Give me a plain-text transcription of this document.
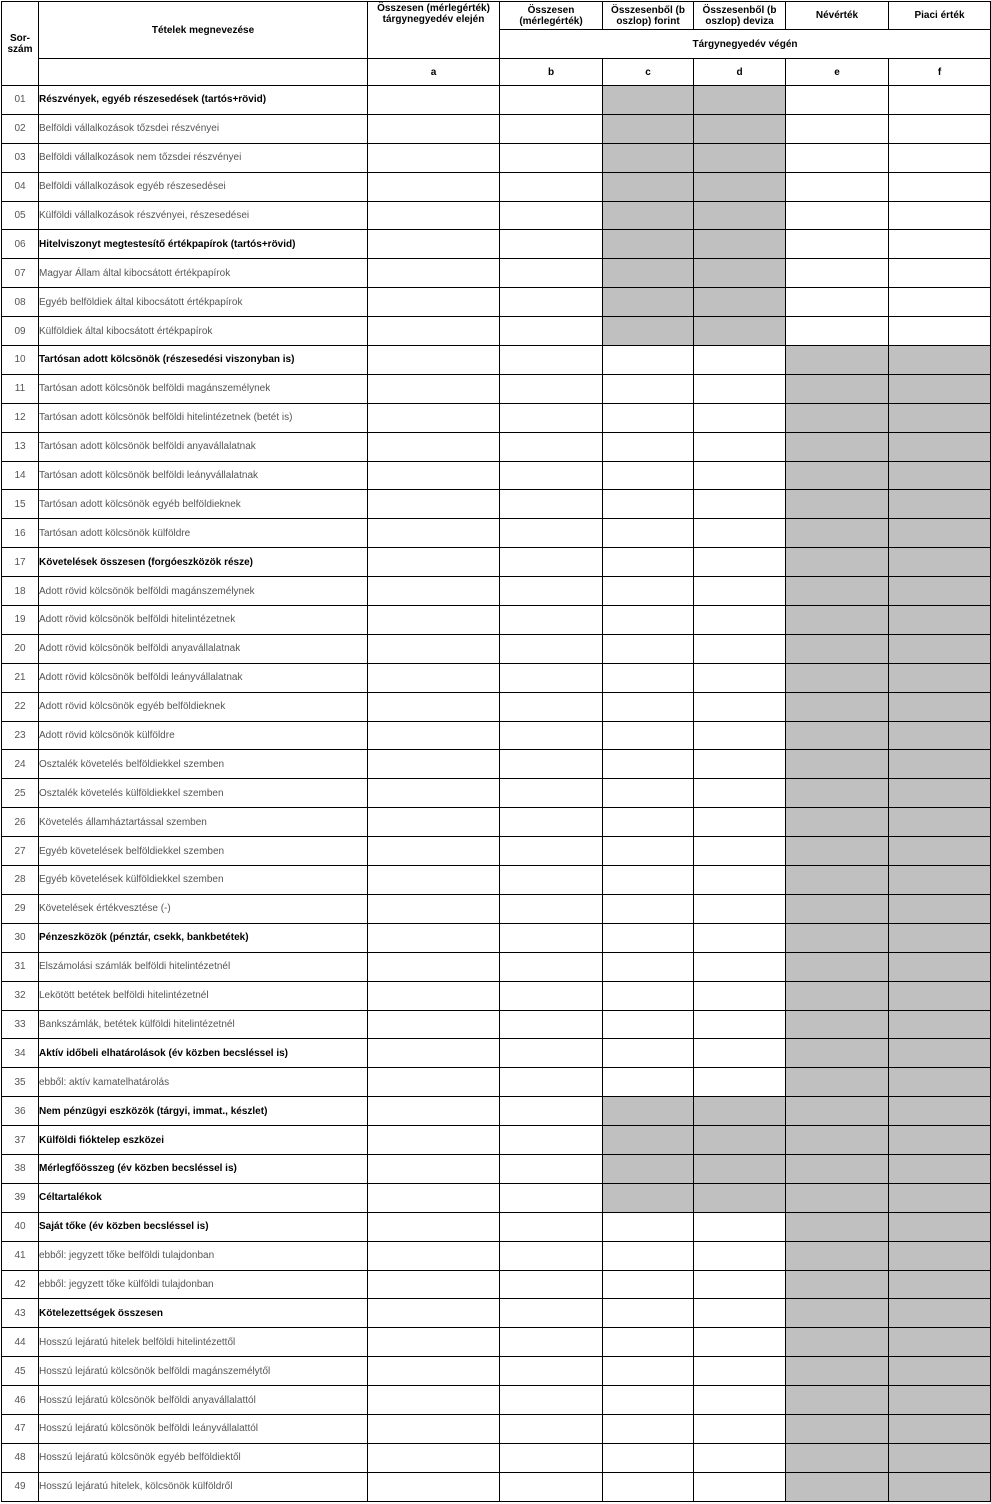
Sor-
szám	Tételek megnevezése	Összesen (mérlegérték) tárgynegyedév elején	Összesen (mérlegérték)	Összesenből (b oszlop) forint	Összesenből (b oszlop) deviza	Névérték	Piaci érték
			Tárgynegyedév végén				
		a	b	c	d	e	f
01	Részvények, egyéb részesedések (tartós+rövid)						
02	Belföldi vállalkozások tőzsdei részvényei						
03	Belföldi vállalkozások nem tőzsdei részvényei						
04	Belföldi vállalkozások egyéb részesedései						
05	Külföldi vállalkozások részvényei, részesedései						
06	Hitelviszonyt megtestesítő értékpapírok (tartós+rövid)						
07	Magyar Állam által kibocsátott értékpapírok						
08	Egyéb belföldiek által kibocsátott értékpapírok						
09	Külföldiek által kibocsátott értékpapírok						
10	Tartósan adott kölcsönök (részesedési viszonyban is)						
11	Tartósan adott kölcsönök belföldi magánszemélynek						
12	Tartósan adott kölcsönök belföldi hitelintézetnek (betét is)						
13	Tartósan adott kölcsönök belföldi anyavállalatnak						
14	Tartósan adott kölcsönök belföldi leányvállalatnak						
15	Tartósan adott kölcsönök egyéb belföldieknek						
16	Tartósan adott kölcsönök külföldre						
17	Követelések összesen (forgóeszközök része)						
18	Adott rövid kölcsönök belföldi magánszemélynek						
19	Adott rövid kölcsönök belföldi hitelintézetnek						
20	Adott rövid kölcsönök belföldi anyavállalatnak						
21	Adott rövid kölcsönök belföldi leányvállalatnak						
22	Adott rövid kölcsönök egyéb belföldieknek						
23	Adott rövid kölcsönök külföldre						
24	Osztalék követelés belföldiekkel szemben						
25	Osztalék követelés külföldiekkel szemben						
26	Követelés államháztartással szemben						
27	Egyéb követelések belföldiekkel szemben						
28	Egyéb követelések külföldiekkel szemben						
29	Követelések értékvesztése (-)						
30	Pénzeszközök (pénztár, csekk, bankbetétek)						
31	Elszámolási számlák belföldi hitelintézetnél						
32	Lekötött betétek belföldi hitelintézetnél						
33	Bankszámlák, betétek külföldi hitelintézetnél						
34	Aktív időbeli elhatárolások (év közben becsléssel is)						
35	ebből: aktív kamatelhatárolás						
36	Nem pénzügyi eszközök (tárgyi, immat., készlet)						
37	Külföldi fióktelep eszközei						
38	Mérlegfőösszeg (év közben becsléssel is)						
39	Céltartalékok						
40	Saját tőke (év közben becsléssel is)						
41	ebből: jegyzett tőke belföldi tulajdonban						
42	ebből: jegyzett tőke külföldi tulajdonban						
43	Kötelezettségek összesen						
44	Hosszú lejáratú hitelek belföldi hitelintézettől						
45	Hosszú lejáratú kölcsönök belföldi magánszemélytől						
46	Hosszú lejáratú kölcsönök belföldi anyavállalattól						
47	Hosszú lejáratú kölcsönök belföldi leányvállalattól						
48	Hosszú lejáratú kölcsönök egyéb belföldiektől						
49	Hosszú lejáratú hitelek, kölcsönök külföldről						
